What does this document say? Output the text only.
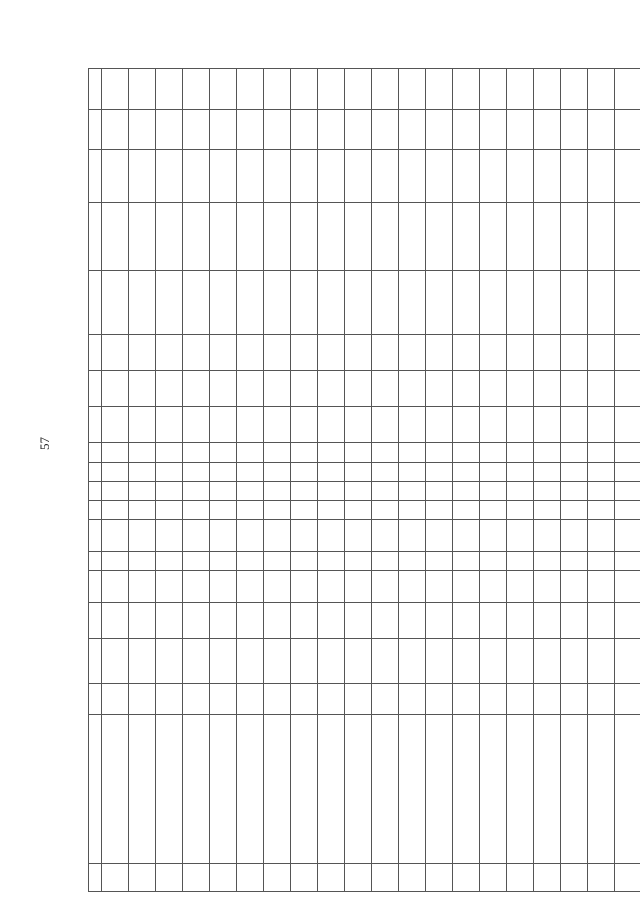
57
